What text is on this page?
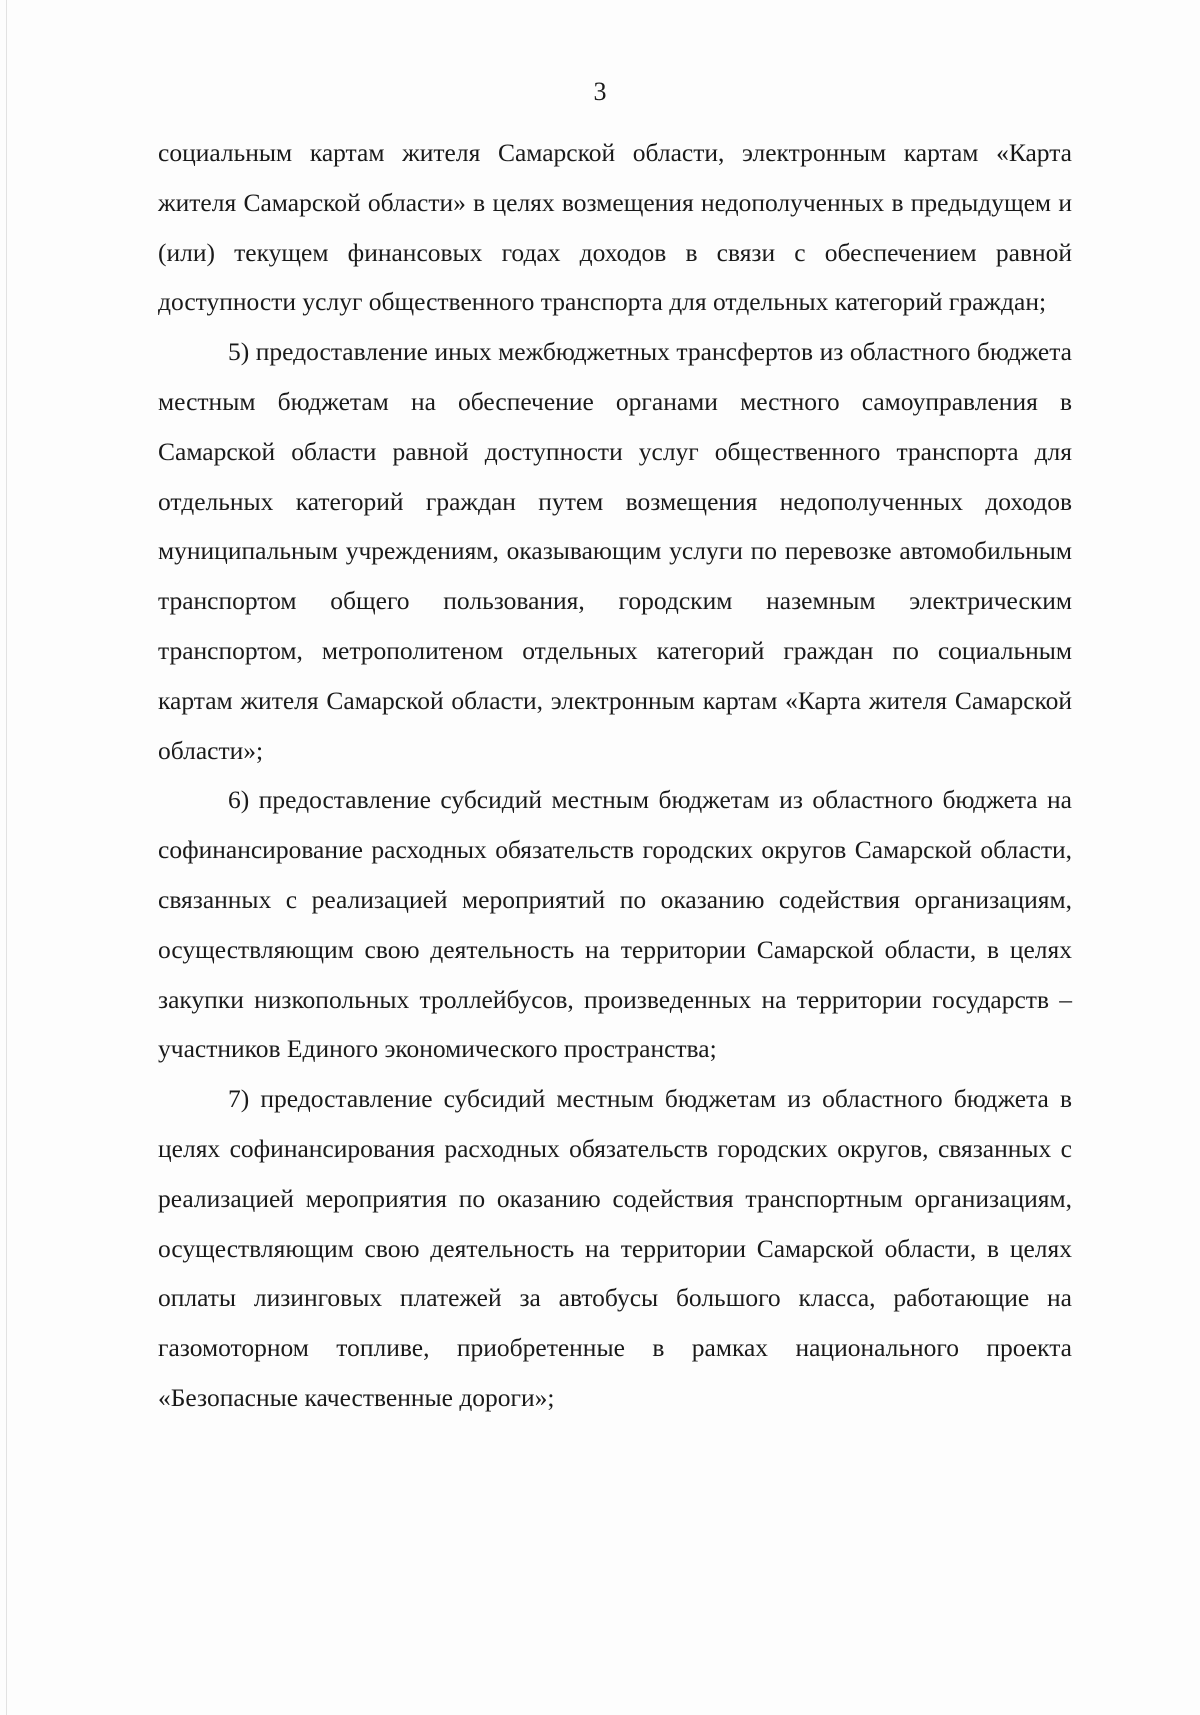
3

социальным картам жителя Самарской области, электронным картам «Карта жителя Самарской области» в целях возмещения недополученных в предыдущем и (или) текущем финансовых годах доходов в связи с обеспечением равной доступности услуг общественного транспорта для отдельных категорий граждан;

5) предоставление иных межбюджетных трансфертов из областного бюджета местным бюджетам на обеспечение органами местного самоуправления в Самарской области равной доступности услуг общественного транспорта для отдельных категорий граждан путем возмещения недополученных доходов муниципальным учреждениям, оказывающим услуги по перевозке автомобильным транспортом общего пользования, городским наземным электрическим транспортом, метрополитеном отдельных категорий граждан по социальным картам жителя Самарской области, электронным картам «Карта жителя Самарской области»;

6) предоставление субсидий местным бюджетам из областного бюджета на софинансирование расходных обязательств городских округов Самарской области, связанных с реализацией мероприятий по оказанию содействия организациям, осуществляющим свою деятельность на территории Самарской области, в целях закупки низкопольных троллейбусов, произведенных на территории государств – участников Единого экономического пространства;

7) предоставление субсидий местным бюджетам из областного бюджета в целях софинансирования расходных обязательств городских округов, связанных с реализацией мероприятия по оказанию содействия транспортным организациям, осуществляющим свою деятельность на территории Самарской области, в целях оплаты лизинговых платежей за автобусы большого класса, работающие на газомоторном топливе, приобретенные в рамках национального проекта «Безопасные качественные дороги»;
